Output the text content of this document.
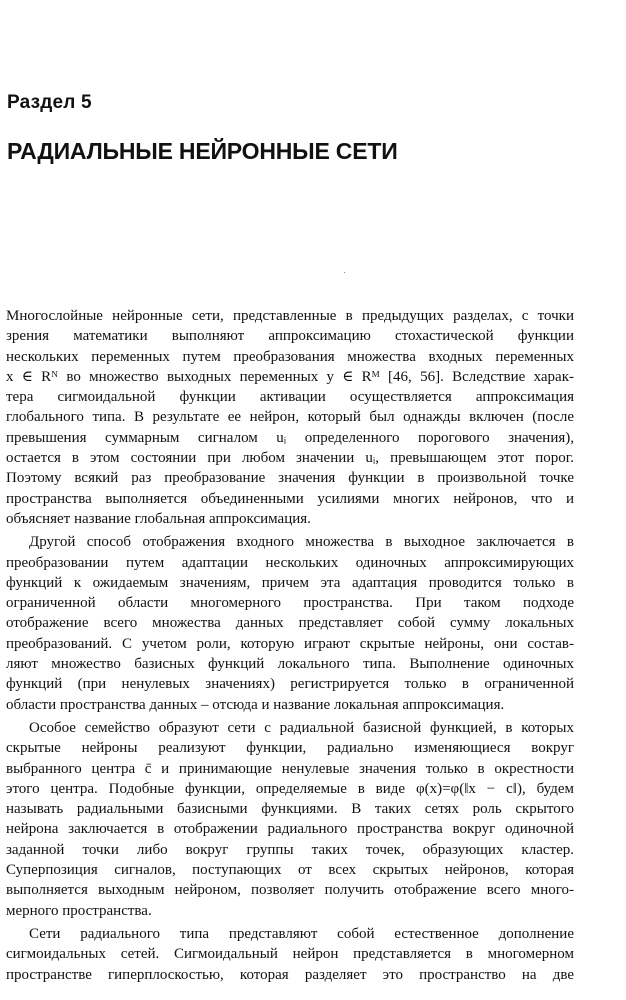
Раздел 5
РАДИАЛЬНЫЕ НЕЙРОННЫЕ СЕТИ
Многослойные нейронные сети, представленные в предыдущих разделах, с точки
зрения математики выполняют аппроксимацию стохастической функции
нескольких переменных путем преобразования множества входных переменных
x ∈ Rᴺ во множество выходных переменных y ∈ Rᴹ [46, 56]. Вследствие харак-
тера сигмоидальной функции активации осуществляется аппроксимация
глобального типа. В результате ее нейрон, который был однажды включен (после
превышения суммарным сигналом uᵢ определенного порогового значения),
остается в этом состоянии при любом значении uᵢ, превышающем этот порог.
Поэтому всякий раз преобразование значения функции в произвольной точке
пространства выполняется объединенными усилиями многих нейронов, что и
объясняет название глобальная аппроксимация.
Другой способ отображения входного множества в выходное заключается в
преобразовании путем адаптации нескольких одиночных аппроксимирующих
функций к ожидаемым значениям, причем эта адаптация проводится только в
ограниченной области многомерного пространства. При таком подходе
отображение всего множества данных представляет собой сумму локальных
преобразований. С учетом роли, которую играют скрытые нейроны, они состав-
ляют множество базисных функций локального типа. Выполнение одиночных
функций (при ненулевых значениях) регистрируется только в ограниченной
области пространства данных – отсюда и название локальная аппроксимация.
Особое семейство образуют сети с радиальной базисной функцией, в которых
скрытые нейроны реализуют функции, радиально изменяющиеся вокруг
выбранного центра c̄ и принимающие ненулевые значения только в окрестности
этого центра. Подобные функции, определяемые в виде φ(x)=φ(‖x − c‖), будем
называть радиальными базисными функциями. В таких сетях роль скрытого
нейрона заключается в отображении радиального пространства вокруг одиночной
заданной точки либо вокруг группы таких точек, образующих кластер.
Суперпозиция сигналов, поступающих от всех скрытых нейронов, которая
выполняется выходным нейроном, позволяет получить отображение всего много-
мерного пространства.
Сети радиального типа представляют собой естественное дополнение
сигмоидальных сетей. Сигмоидальный нейрон представляется в многомерном
пространстве гиперплоскостью, которая разделяет это пространство на две
